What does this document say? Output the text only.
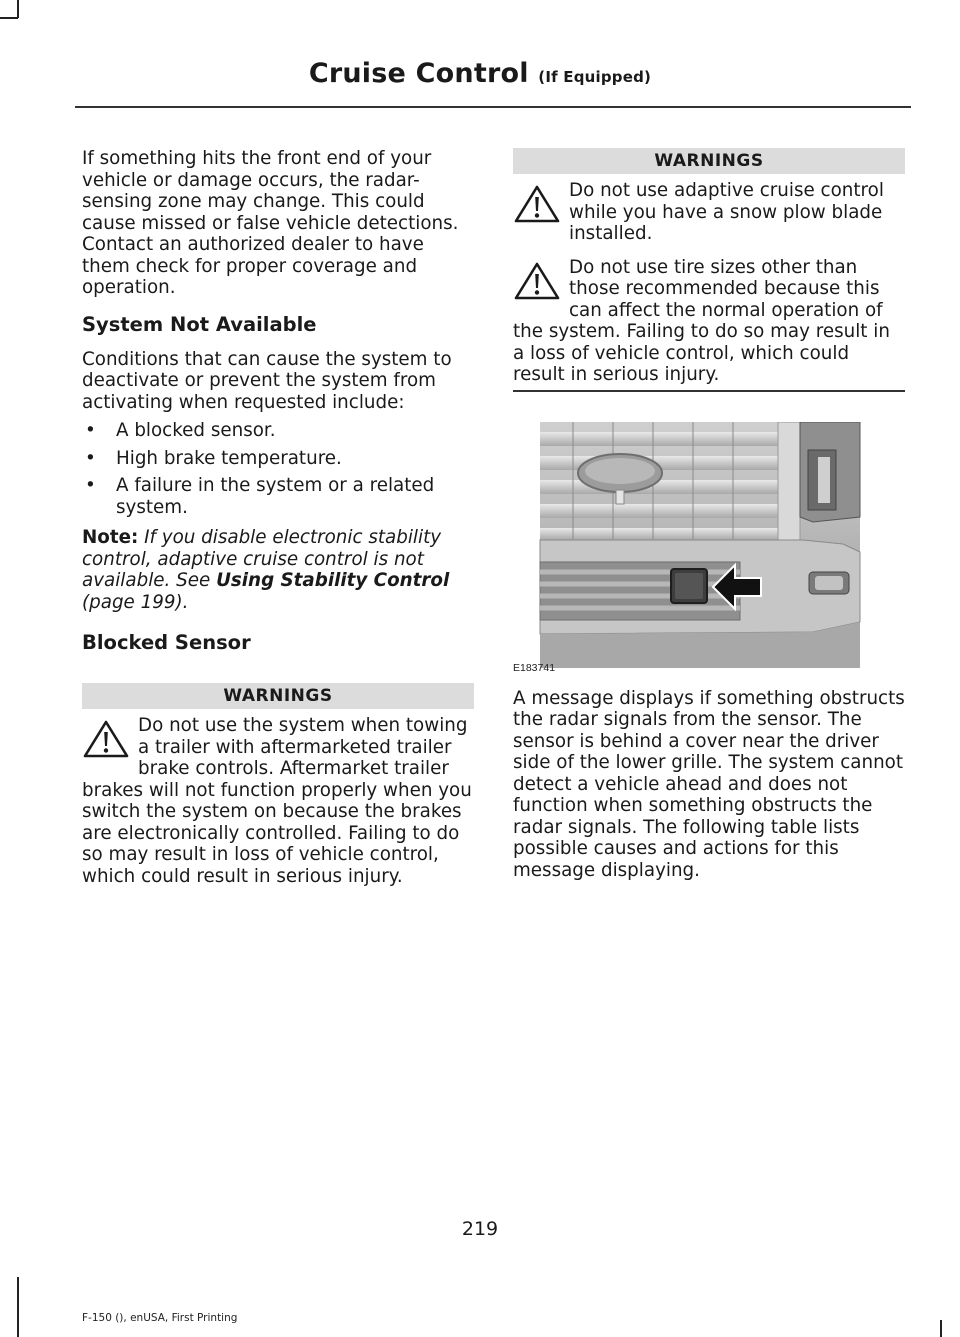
Cruise Control (If Equipped)

If something hits the front end of your vehicle or damage occurs, the radar-sensing zone may change. This could cause missed or false vehicle detections. Contact an authorized dealer to have them check for proper coverage and operation.

System Not Available

Conditions that can cause the system to deactivate or prevent the system from activating when requested include:

• A blocked sensor.
• High brake temperature.
• A failure in the system or a related system.

Note: If you disable electronic stability control, adaptive cruise control is not available. See Using Stability Control (page 199).

Blocked Sensor
WARNINGS

Do not use the system when towing a trailer with aftermarketed trailer brake controls. Aftermarket trailer brakes will not function properly when you switch the system on because the brakes are electronically controlled. Failing to do so may result in loss of vehicle control, which could result in serious injury.

WARNINGS

Do not use adaptive cruise control while you have a snow plow blade installed.

Do not use tire sizes other than those recommended because this can affect the normal operation of the system. Failing to do so may result in a loss of vehicle control, which could result in serious injury.

E183741

A message displays if something obstructs the radar signals from the sensor. The sensor is behind a cover near the driver side of the lower grille. The system cannot detect a vehicle ahead and does not function when something obstructs the radar signals. The following table lists possible causes and actions for this message displaying.

219
F-150 (), enUSA, First Printing
